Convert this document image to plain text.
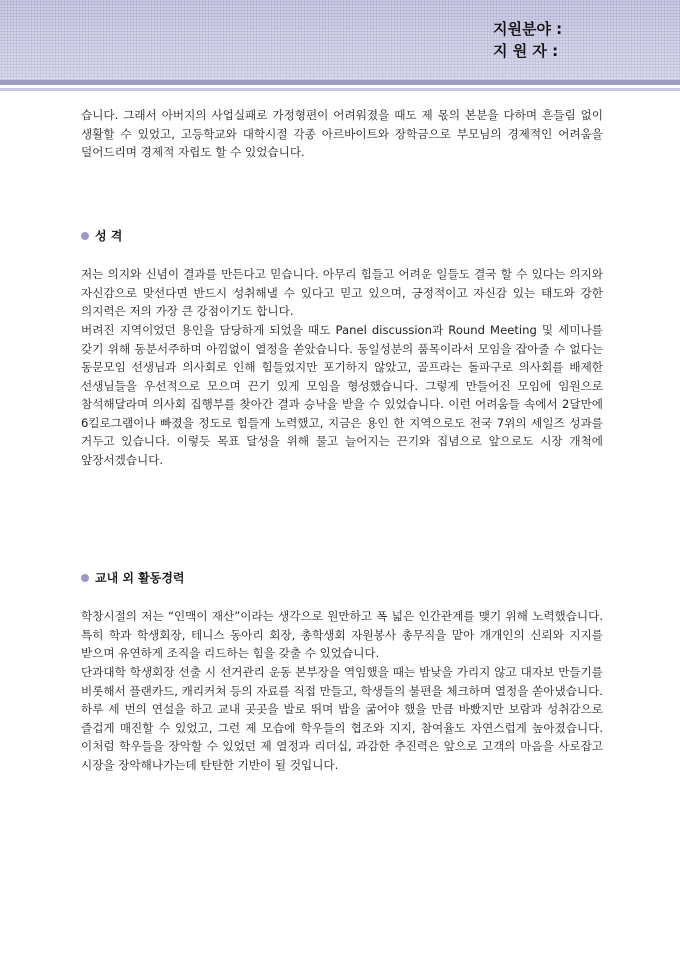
지원분야 :
지 원 자 :

습니다. 그래서 아버지의 사업실패로 가정형편이 어려워졌을 때도 제 몫의 본분을 다하며 흔들림 없이 생활할 수 있었고, 고등학교와 대학시절 각종 아르바이트와 장학금으로 부모님의 경제적인 어려움을 덜어드리며 경제적 자립도 할 수 있었습니다.

성 격

저는 의지와 신념이 결과를 만든다고 믿습니다. 아무리 힘들고 어려운 일들도 결국 할 수 있다는 의지와 자신감으로 맞선다면 반드시 성취해낼 수 있다고 믿고 있으며, 긍정적이고 자신감 있는 태도와 강한 의지력은 저의 가장 큰 강점이기도 합니다.

버려진 지역이었던 용인을 담당하게 되었을 때도 Panel discussion과 Round Meeting 및 세미나를 갖기 위해 동분서주하며 아낌없이 열정을 쏟았습니다. 동일성분의 품목이라서 모임을 잡아줄 수 없다는 동문모임 선생님과 의사회로 인해 힘들었지만 포기하지 않았고, 골프라는 돌파구로 의사회를 배제한 선생님들을 우선적으로 모으며 끈기 있게 모임을 형성했습니다. 그렇게 만들어진 모임에 임원으로 참석해달라며 의사회 집행부를 찾아간 결과 승낙을 받을 수 있었습니다. 이런 어려움들 속에서 2달만에 6킬로그램이나 빠졌을 정도로 힘들게 노력했고, 지금은 용인 한 지역으로도 전국 7위의 세일즈 성과를 거두고 있습니다. 이렇듯 목표 달성을 위해 물고 늘어지는 끈기와 집념으로 앞으로도 시장 개척에 앞장서겠습니다.

교내 외 활동경력

학창시절의 저는 “인맥이 재산”이라는 생각으로 원만하고 폭 넓은 인간관계를 맺기 위해 노력했습니다. 특히 학과 학생회장, 테니스 동아리 회장, 총학생회 자원봉사 총무직을 맡아 개개인의 신뢰와 지지를 받으며 유연하게 조직을 리드하는 힘을 갖출 수 있었습니다.

단과대학 학생회장 선출 시 선거관리 운동 본부장을 역임했을 때는 밤낮을 가리지 않고 대자보 만들기를 비롯해서 플랜카드, 캐리커쳐 등의 자료를 직접 만들고, 학생들의 불편을 체크하며 열정을 쏟아냈습니다. 하루 세 번의 연설을 하고 교내 곳곳을 발로 뛰며 밥을 굶어야 했을 만큼 바빴지만 보람과 성취감으로 즐겁게 매진할 수 있었고, 그런 제 모습에 학우들의 협조와 지지, 참여율도 자연스럽게 높아졌습니다. 이처럼 학우들을 장악할 수 있었던 제 열정과 리더십, 과감한 추진력은 앞으로 고객의 마음을 사로잡고 시장을 장악해나가는데 탄탄한 기반이 될 것입니다.
